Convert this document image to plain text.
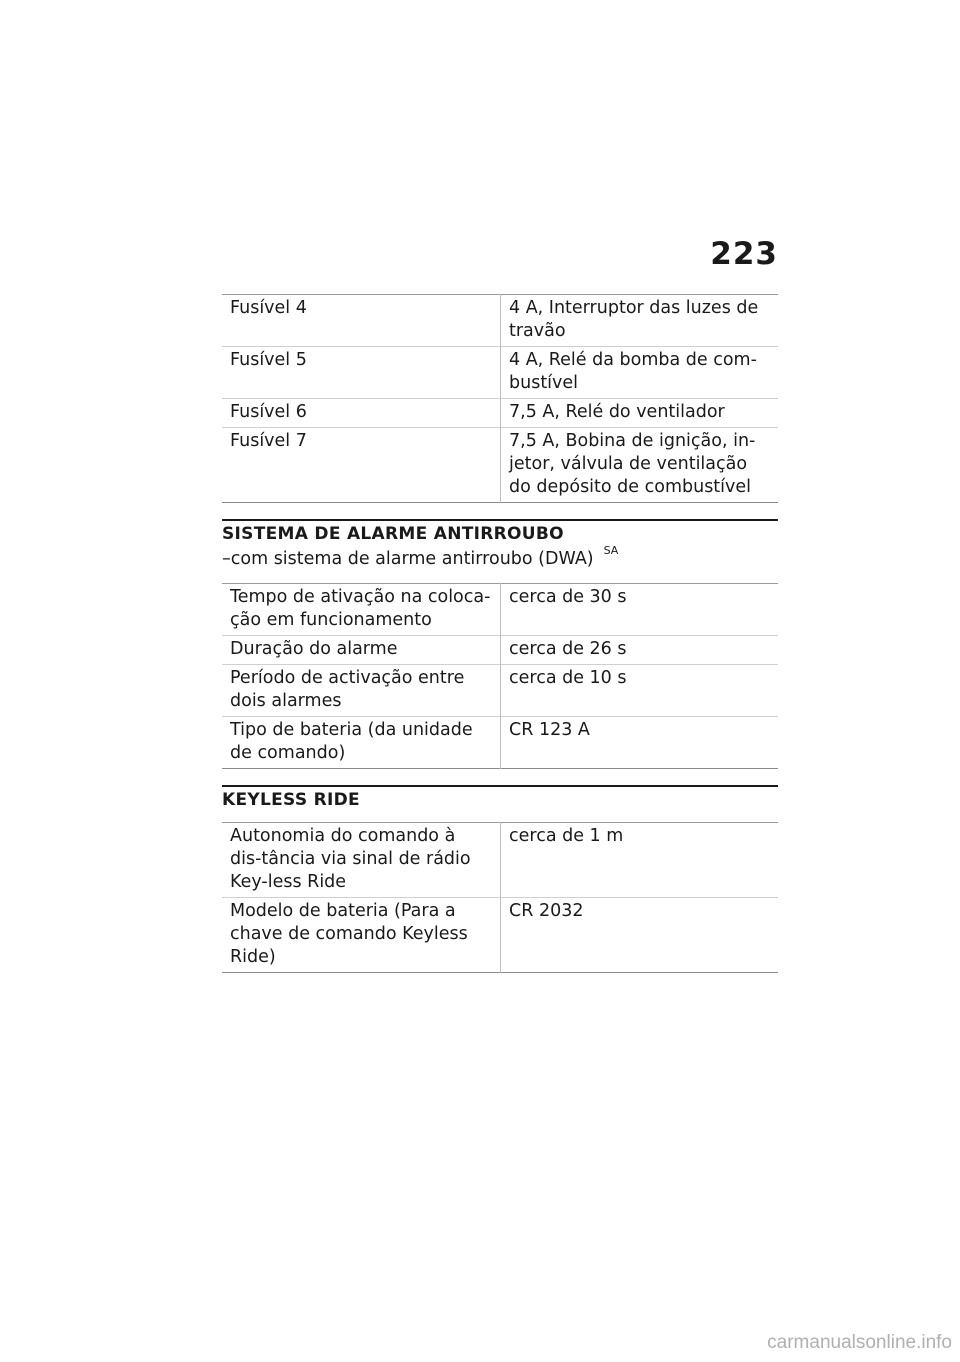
223
Fusível 4	4 A, Interruptor das luzes de travão
Fusível 5	4 A, Relé da bomba de com-bustível
Fusível 6	7,5 A, Relé do ventilador
Fusível 7	7,5 A, Bobina de ignição, in-jetor, válvula de ventilação do depósito de combustível
SISTEMA DE ALARME ANTIRROUBO
–com sistema de alarme antirroubo (DWA) $^{SA}$
Tempo de ativação na coloca-ção em funcionamento	cerca de 30 s
Duração do alarme	cerca de 26 s
Período de activação entre dois alarmes	cerca de 10 s
Tipo de bateria (da unidade de comando)	CR 123 A
KEYLESS RIDE
Autonomia do comando à dis-tância via sinal de rádio Key-less Ride	cerca de 1 m
Modelo de bateria (Para a chave de comando Keyless Ride)	CR 2032
carmanualsonline.info
